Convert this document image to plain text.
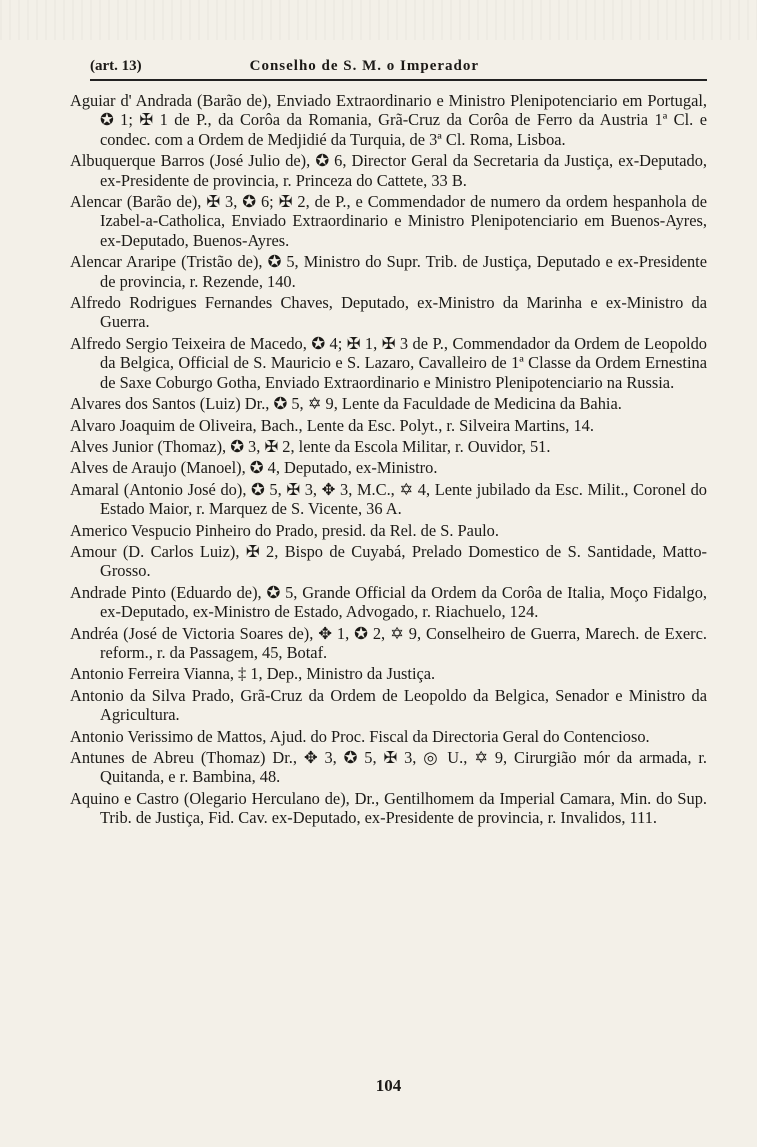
(art. 13)	Conselho de S. M. o Imperador
Aguiar d' Andrada (Barão de), Enviado Extraordinario e Ministro Plenipotenciario em Portugal, ✪ 1; ✠ 1 de P., da Corôa da Romania, Grã-Cruz da Corôa de Ferro da Austria 1ª Cl. e condec. com a Ordem de Medjidié da Turquia, de 3ª Cl. Roma, Lisboa.
Albuquerque Barros (José Julio de), ✪ 6, Director Geral da Secretaria da Justiça, ex-Deputado, ex-Presidente de provincia, r. Princeza do Cattete, 33 B.
Alencar (Barão de), ✠ 3, ✪ 6; ✠ 2, de P., e Commendador de numero da ordem hespanhola de Izabel-a-Catholica, Enviado Extraordinario e Ministro Plenipotenciario em Buenos-Ayres, ex-Deputado, Buenos-Ayres.
Alencar Araripe (Tristão de), ✪ 5, Ministro do Supr. Trib. de Justiça, Deputado e ex-Presidente de provincia, r. Rezende, 140.
Alfredo Rodrigues Fernandes Chaves, Deputado, ex-Ministro da Marinha e ex-Ministro da Guerra.
Alfredo Sergio Teixeira de Macedo, ✪ 4; ✠ 1, ✠ 3 de P., Commendador da Ordem de Leopoldo da Belgica, Official de S. Mauricio e S. Lazaro, Cavalleiro de 1ª Classe da Ordem Ernestina de Saxe Coburgo Gotha, Enviado Extraordinario e Ministro Plenipotenciario na Russia.
Alvares dos Santos (Luiz) Dr., ✪ 5, ✡ 9, Lente da Faculdade de Medicina da Bahia.
Alvaro Joaquim de Oliveira, Bach., Lente da Esc. Polyt., r. Silveira Martins, 14.
Alves Junior (Thomaz), ✪ 3, ✠ 2, lente da Escola Militar, r. Ouvidor, 51.
Alves de Araujo (Manoel), ✪ 4, Deputado, ex-Ministro.
Amaral (Antonio José do), ✪ 5, ✠ 3, ✥ 3, M.C., ✡ 4, Lente jubilado da Esc. Milit., Coronel do Estado Maior, r. Marquez de S. Vicente, 36 A.
Americo Vespucio Pinheiro do Prado, presid. da Rel. de S. Paulo.
Amour (D. Carlos Luiz), ✠ 2, Bispo de Cuyabá, Prelado Domestico de S. Santidade, Matto-Grosso.
Andrade Pinto (Eduardo de), ✪ 5, Grande Official da Ordem da Corôa de Italia, Moço Fidalgo, ex-Deputado, ex-Ministro de Estado, Advogado, r. Riachuelo, 124.
Andréa (José de Victoria Soares de), ✥ 1, ✪ 2, ✡ 9, Conselheiro de Guerra, Marech. de Exerc. reform., r. da Passagem, 45, Botaf.
Antonio Ferreira Vianna, ‡ 1, Dep., Ministro da Justiça.
Antonio da Silva Prado, Grã-Cruz da Ordem de Leopoldo da Belgica, Senador e Ministro da Agricultura.
Antonio Verissimo de Mattos, Ajud. do Proc. Fiscal da Directoria Geral do Contencioso.
Antunes de Abreu (Thomaz) Dr., ✥ 3, ✪ 5, ✠ 3, ◎ U., ✡ 9, Cirurgião mór da armada, r. Quitanda, e r. Bambina, 48.
Aquino e Castro (Olegario Herculano de), Dr., Gentilhomem da Imperial Camara, Min. do Sup. Trib. de Justiça, Fid. Cav. ex-Deputado, ex-Presidente de provincia, r. Invalidos, 111.
104
